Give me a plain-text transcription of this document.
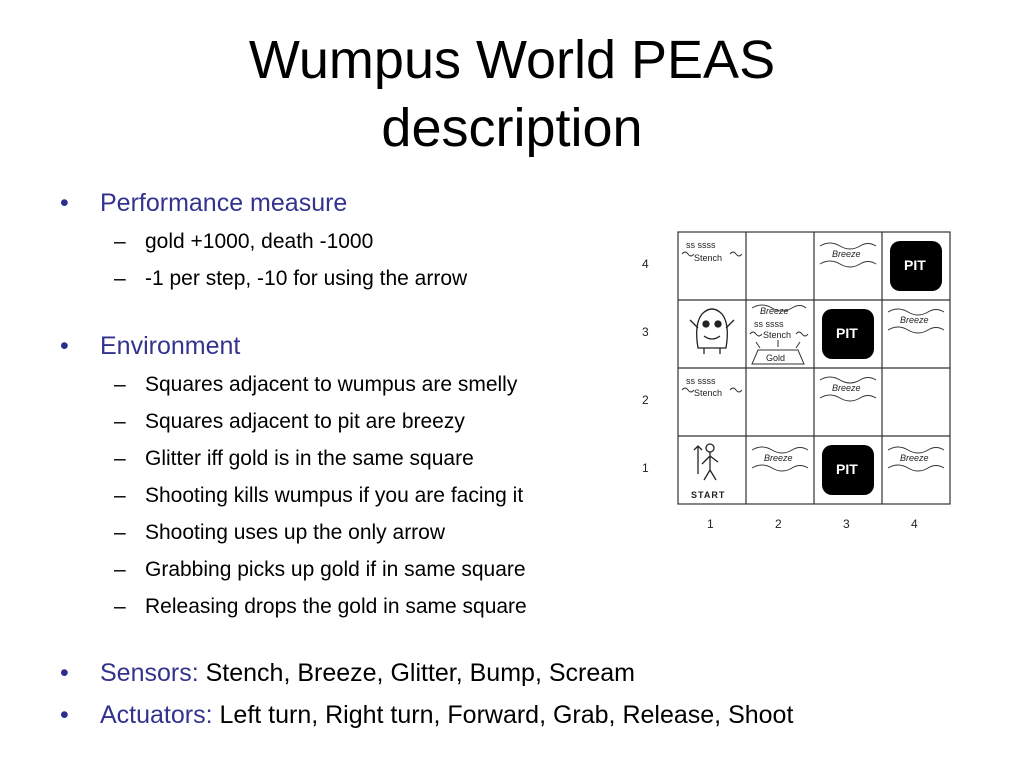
Wumpus World PEAS
description
• Performance measure
– gold +1000, death -1000
– -1 per step, -10 for using the arrow
• Environment
– Squares adjacent to wumpus are smelly
– Squares adjacent to pit are breezy
– Glitter iff gold is in the same square
– Shooting kills wumpus if you are facing it
– Shooting uses up the only arrow
– Grabbing picks up gold if in same square
– Releasing drops the gold in same square
• Sensors: Stench, Breeze, Glitter, Bump, Scream
• Actuators: Left turn, Right turn, Forward, Grab, Release, Shoot
4
3
2
1
1	2	3	4
PIT
PIT
PIT
ss ssss
Stench
ss ssss
Stench
Breeze
ss ssss
Stench
Gold
Breeze
Breeze
Breeze
Breeze	Breeze
START
